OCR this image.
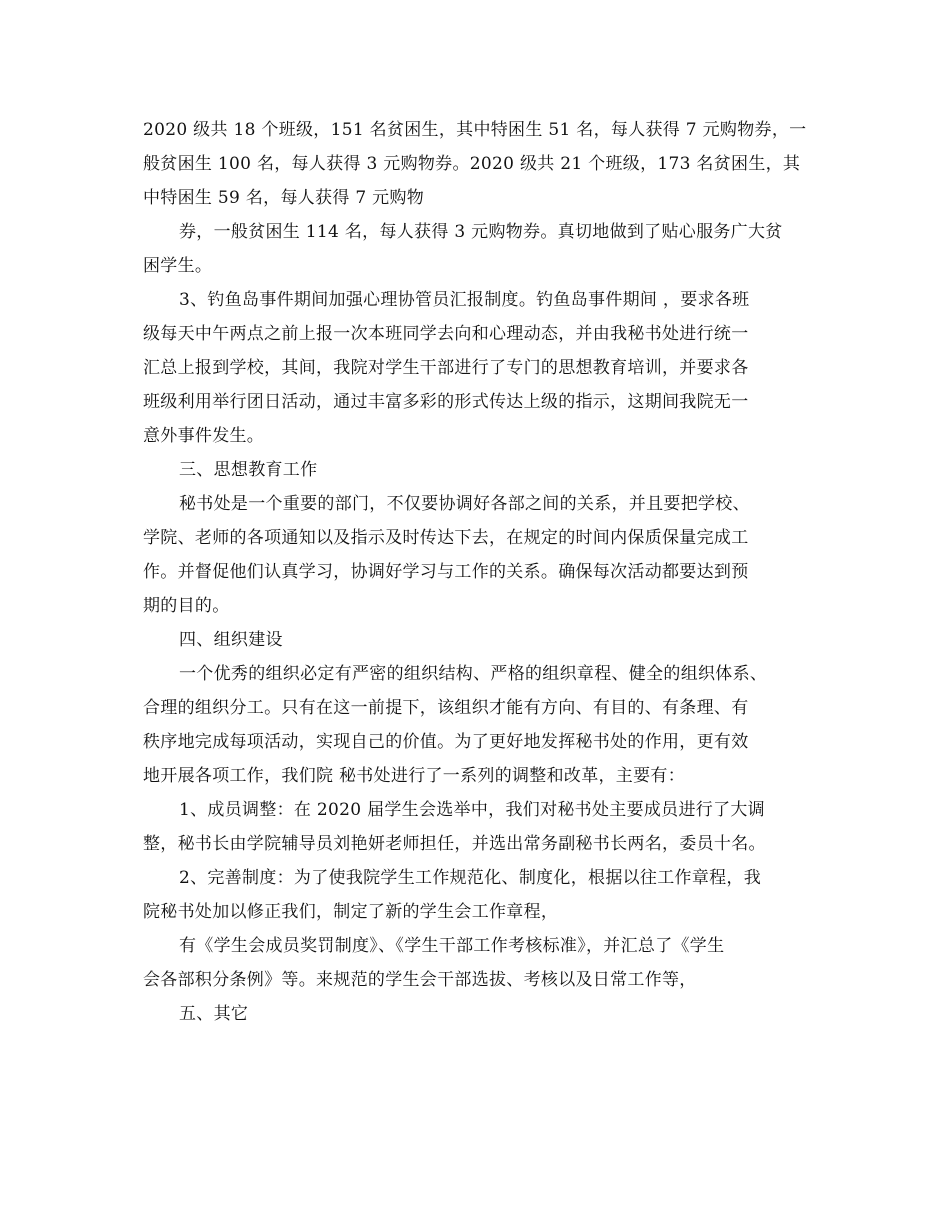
2020 级共 18 个班级，151 名贫困生，其中特困生 51 名，每人获得 7 元购物券，一
般贫困生 100 名，每人获得 3 元购物券。2020 级共 21 个班级，173 名贫困生，其
中特困生 59 名，每人获得 7 元购物
券，一般贫困生 114 名，每人获得 3 元购物券。真切地做到了贴心服务广大贫
困学生。
3、钓鱼岛事件期间加强心理协管员汇报制度。钓鱼岛事件期间 ，要求各班
级每天中午两点之前上报一次本班同学去向和心理动态，并由我秘书处进行统一
汇总上报到学校，其间，我院对学生干部进行了专门的思想教育培训，并要求各
班级利用举行团日活动，通过丰富多彩的形式传达上级的指示，这期间我院无一
意外事件发生。
三、思想教育工作
秘书处是一个重要的部门，不仅要协调好各部之间的关系，并且要把学校、
学院、老师的各项通知以及指示及时传达下去，在规定的时间内保质保量完成工
作。并督促他们认真学习，协调好学习与工作的关系。确保每次活动都要达到预
期的目的。
四、组织建设
一个优秀的组织必定有严密的组织结构、严格的组织章程、健全的组织体系、
合理的组织分工。只有在这一前提下，该组织才能有方向、有目的、有条理、有
秩序地完成每项活动，实现自己的价值。为了更好地发挥秘书处的作用，更有效
地开展各项工作，我们院 秘书处进行了一系列的调整和改革，主要有：
1、成员调整：在 2020 届学生会选举中，我们对秘书处主要成员进行了大调
整，秘书长由学院辅导员刘艳妍老师担任，并选出常务副秘书长两名，委员十名。
2、完善制度：为了使我院学生工作规范化、制度化，根据以往工作章程，我
院秘书处加以修正我们，制定了新的学生会工作章程，
有《学生会成员奖罚制度》、《学生干部工作考核标准》，并汇总了《学生
会各部积分条例》等。来规范的学生会干部选拔、考核以及日常工作等，
五、其它
